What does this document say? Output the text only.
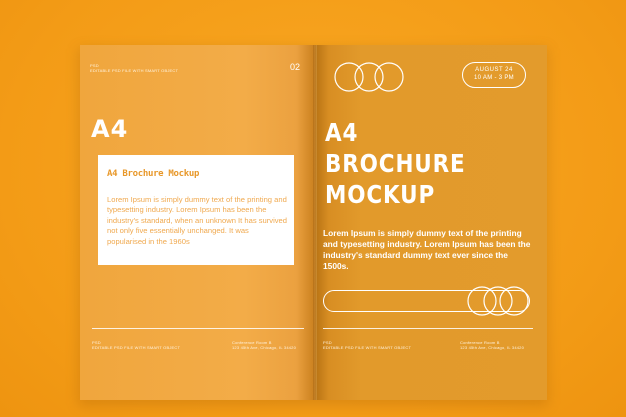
PSD
EDITABLE PSD FILE WITH SMART OBJECT	02
A4
A4 Brochure Mockup
Lorem Ipsum is simply dummy text of the printing and typesetting industry. Lorem Ipsum has been the industry's standard, when an unknown It has survived not only five essentially unchanged. It was popularised in the 1960s
PSD
EDITABLE PSD FILE WITH SMART OBJECT
Conference Room B
123 45th Ave, Chicago, IL 34420
AUGUST 24
10 AM - 3 PM
A4
BROCHURE
MOCKUP
Lorem Ipsum is simply dummy text of the printing and typesetting industry. Lorem Ipsum has been the industry's standard dummy text ever since the 1500s.
PSD
EDITABLE PSD FILE WITH SMART OBJECT
Conference Room B
123 45th Ave, Chicago, IL 34420
